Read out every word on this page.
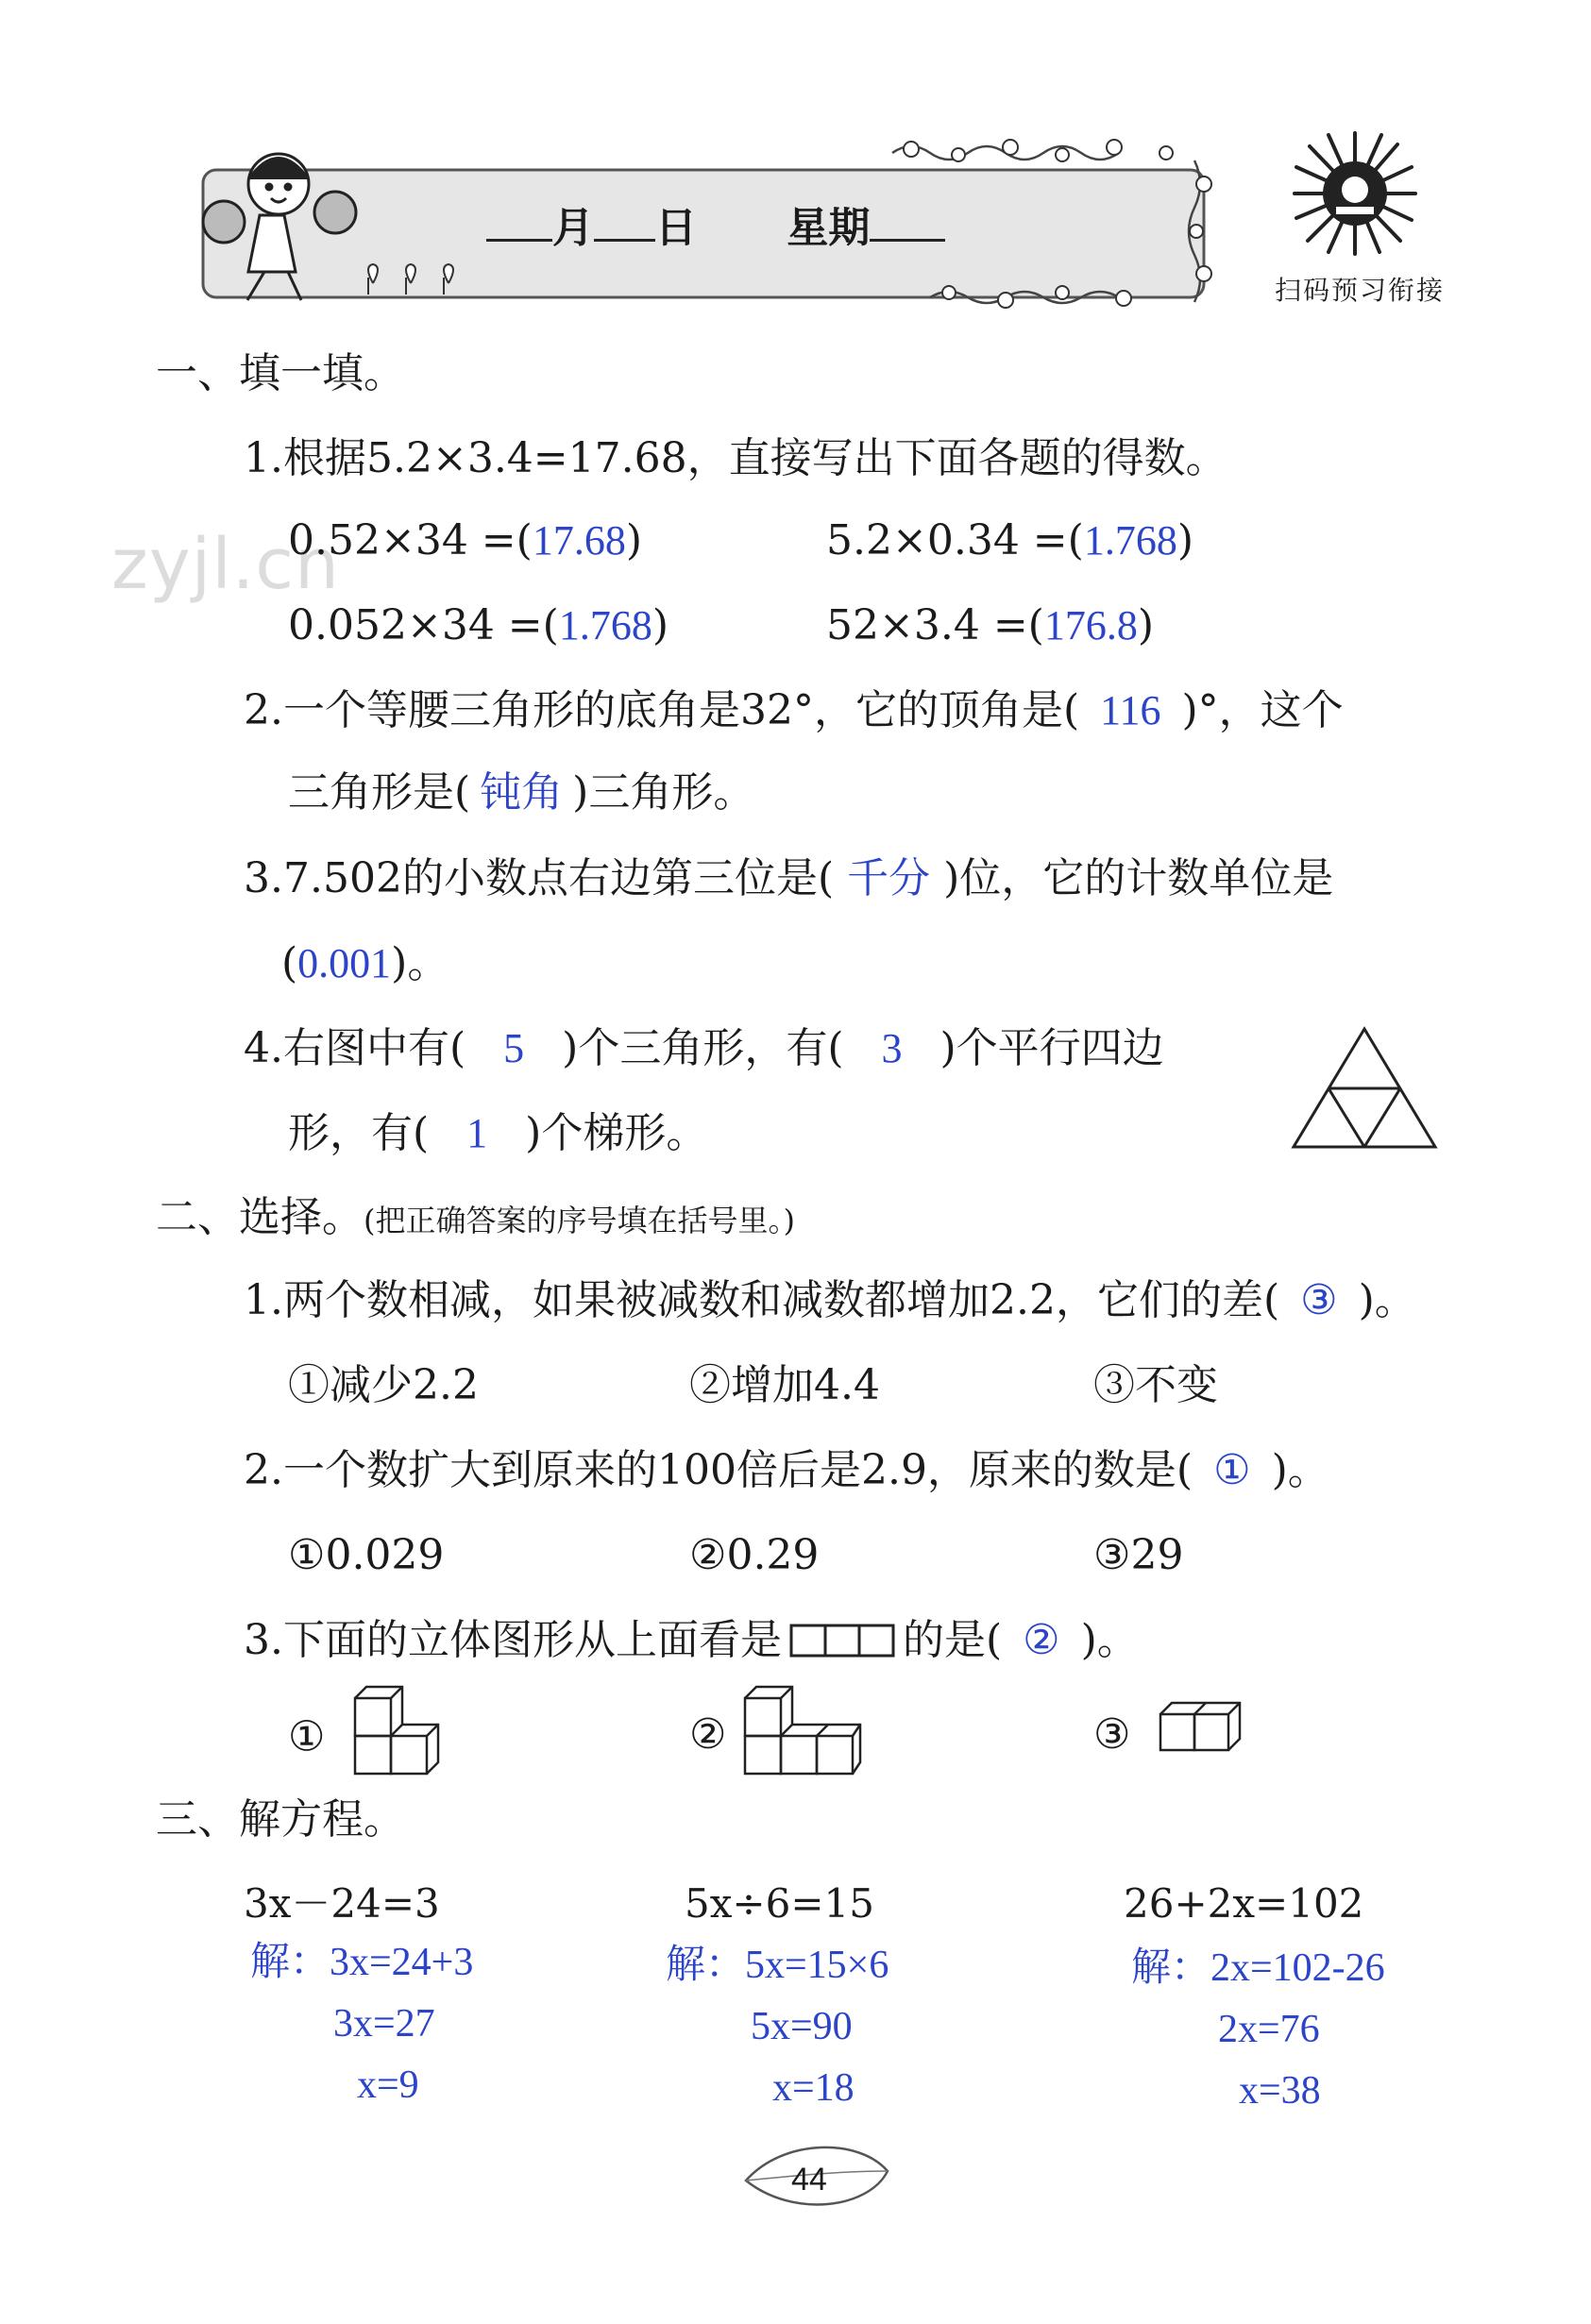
月 日 星期
扫码预习衔接
zyjl.cn
一、填一填。
1.根据5.2×3.4=17.68，直接写出下面各题的得数。
0.52×34 =(17.68)	5.2×0.34 =(1.768)
0.052×34 =(1.768)	52×3.4 =(176.8)
2.一个等腰三角形的底角是32°，它的顶角是( 116 )°，这个
三角形是( 钝角 )三角形。
3.7.502的小数点右边第三位是( 千分 )位，它的计数单位是
(0.001)。
4.右图中有( 5 )个三角形，有( 3 )个平行四边
形，有( 1 )个梯形。
二、选择。(把正确答案的序号填在括号里。)
1.两个数相减，如果被减数和减数都增加2.2，它们的差( ③ )。
①减少2.2	②增加4.4	③不变
2.一个数扩大到原来的100倍后是2.9，原来的数是( ① )。
①0.029	②0.29	③29
3.下面的立体图形从上面看是	的是( ② )。
①	②	③
三、解方程。
3x－24=3
解：3x=24+3
3x=27
x=9
5x÷6=15
解：5x=15×6
5x=90
x=18
26+2x=102
解：2x=102-26
2x=76
x=38
44
